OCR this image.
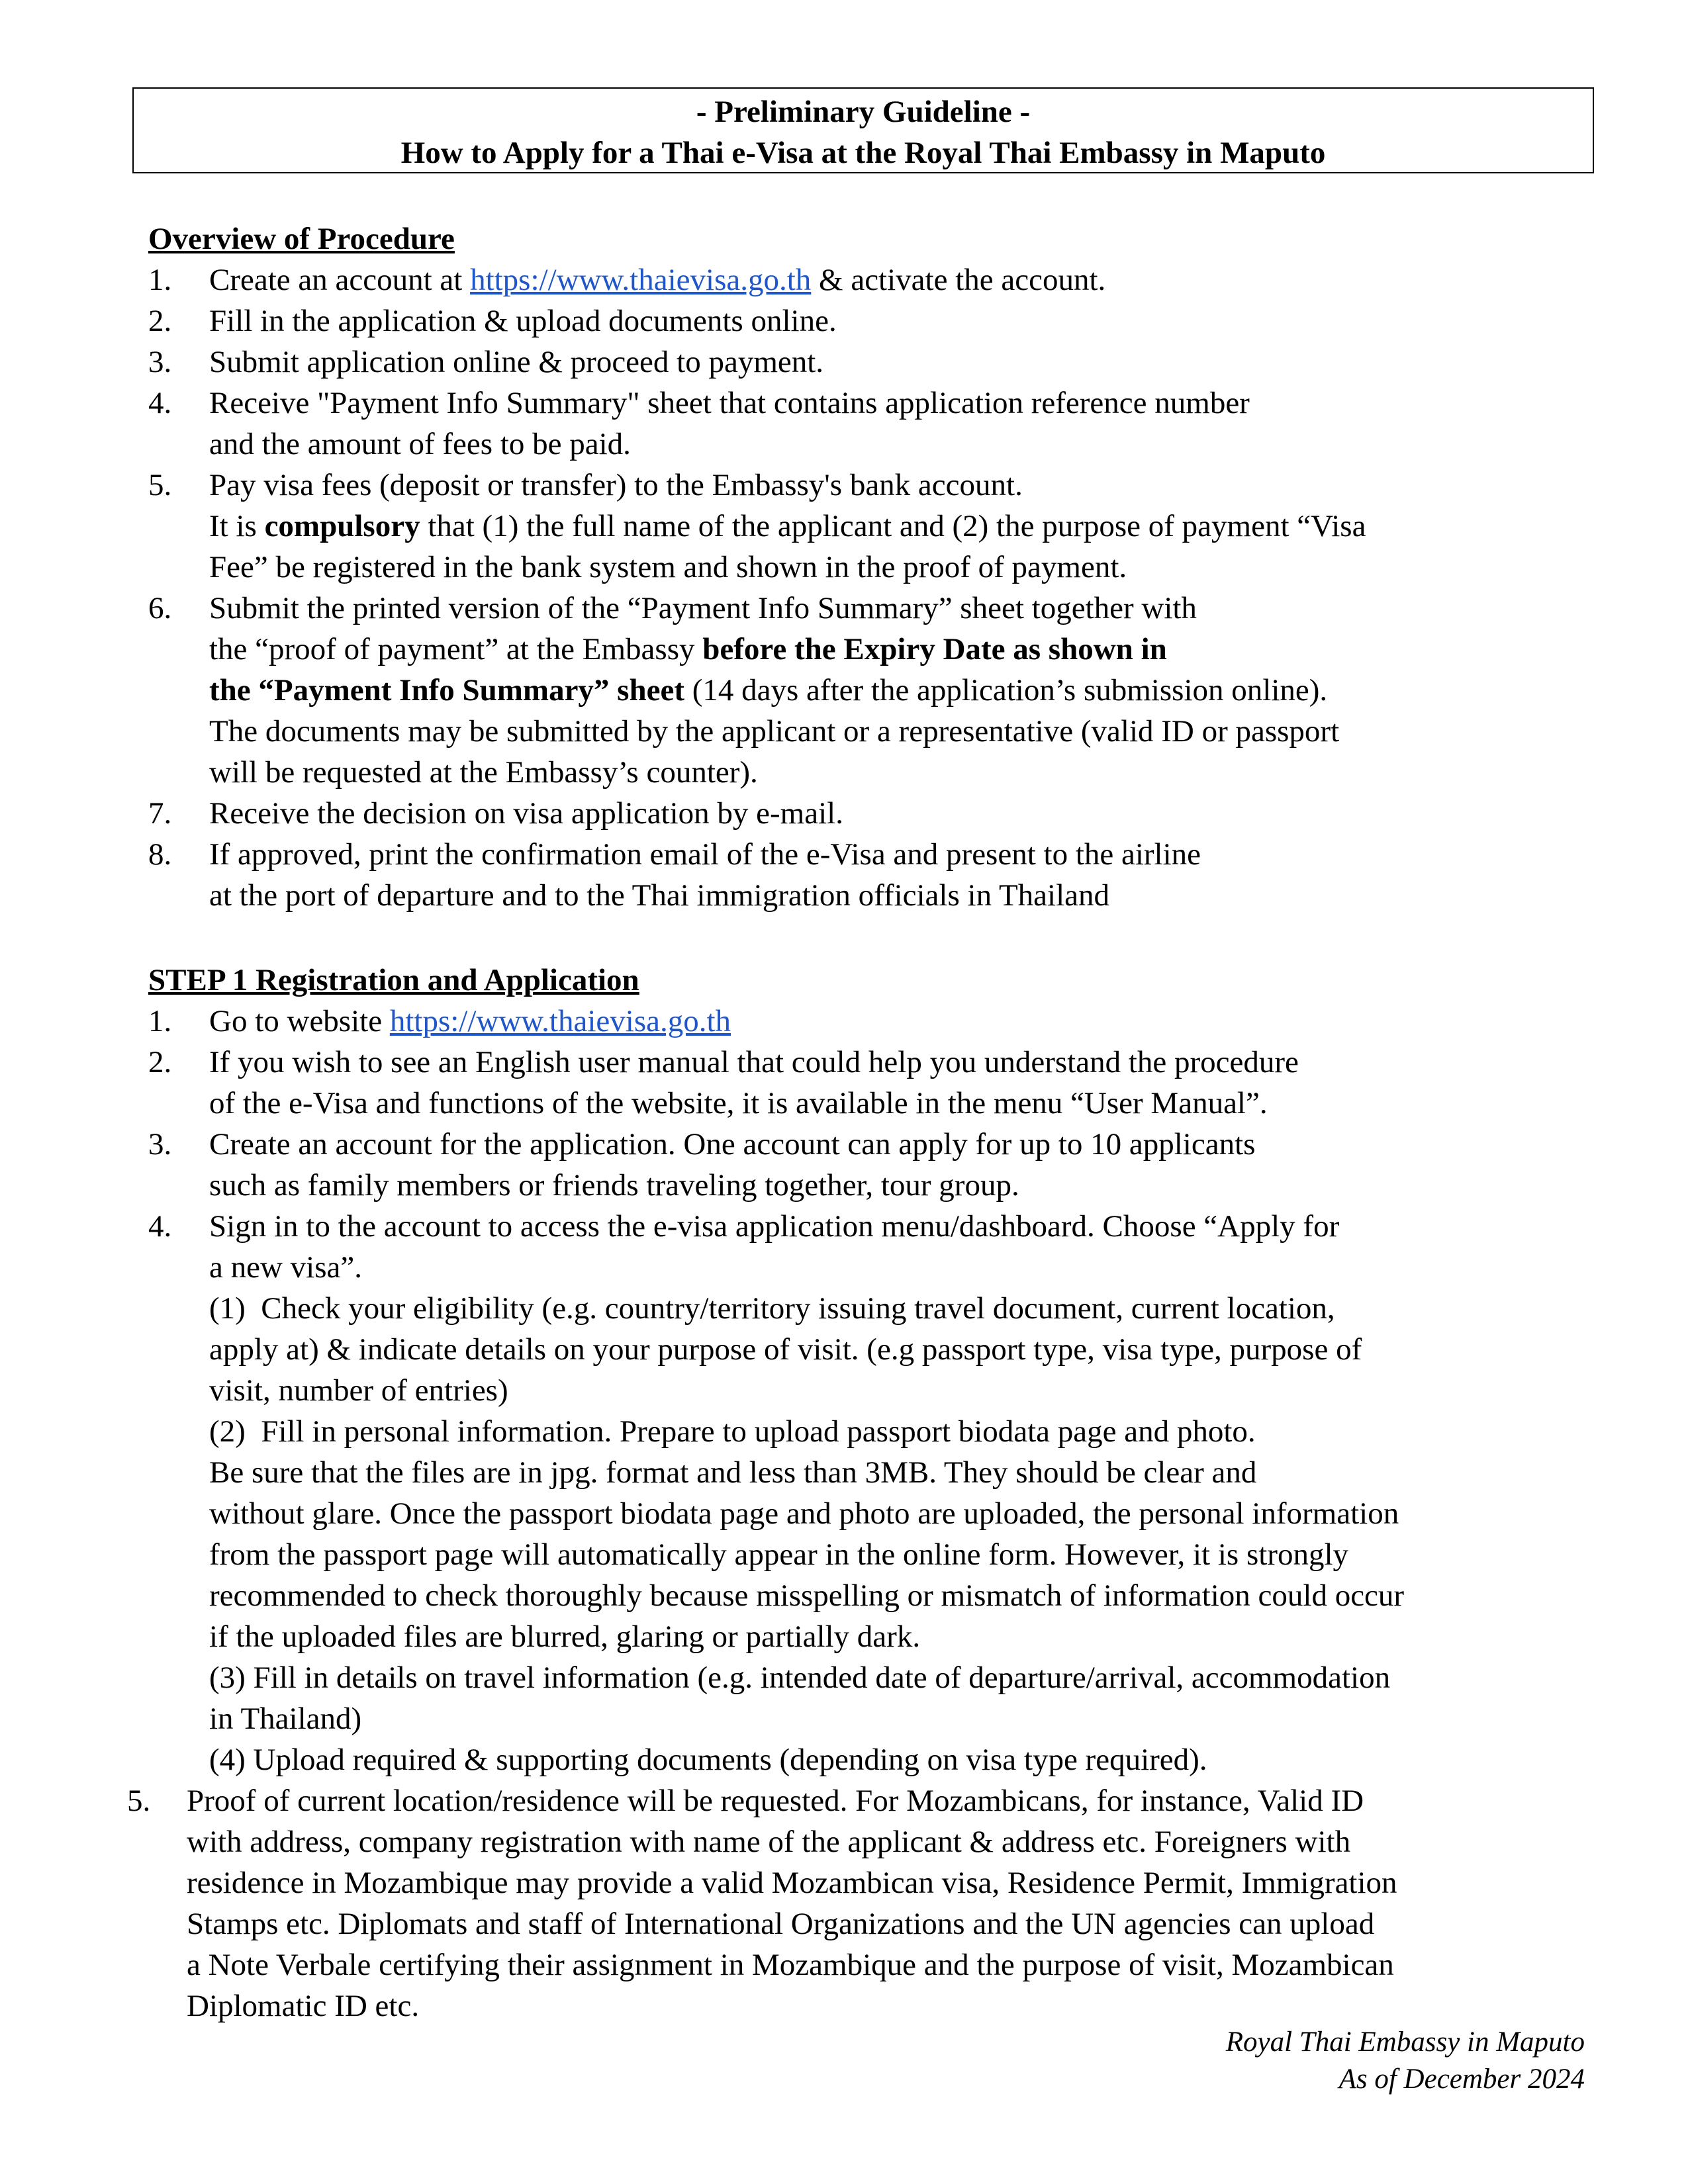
- Preliminary Guideline -
How to Apply for a Thai e-Visa at the Royal Thai Embassy in Maputo
Overview of Procedure
1. Create an account at https://www.thaievisa.go.th & activate the account.
2. Fill in the application & upload documents online.
3. Submit application online & proceed to payment.
4. Receive "Payment Info Summary" sheet that contains application reference number
and the amount of fees to be paid.
5. Pay visa fees (deposit or transfer) to the Embassy's bank account.
It is compulsory that (1) the full name of the applicant and (2) the purpose of payment “Visa
Fee” be registered in the bank system and shown in the proof of payment.
6. Submit the printed version of the “Payment Info Summary” sheet together with
the “proof of payment” at the Embassy before the Expiry Date as shown in
the “Payment Info Summary” sheet (14 days after the application’s submission online).
The documents may be submitted by the applicant or a representative (valid ID or passport
will be requested at the Embassy’s counter).
7. Receive the decision on visa application by e-mail.
8. If approved, print the confirmation email of the e-Visa and present to the airline
at the port of departure and to the Thai immigration officials in Thailand
STEP 1 Registration and Application
1. Go to website https://www.thaievisa.go.th
2. If you wish to see an English user manual that could help you understand the procedure
of the e-Visa and functions of the website, it is available in the menu “User Manual”.
3. Create an account for the application. One account can apply for up to 10 applicants
such as family members or friends traveling together, tour group.
4. Sign in to the account to access the e-visa application menu/dashboard. Choose “Apply for
a new visa”.
(1)  Check your eligibility (e.g. country/territory issuing travel document, current location,
apply at) & indicate details on your purpose of visit. (e.g passport type, visa type, purpose of
visit, number of entries)
(2)  Fill in personal information. Prepare to upload passport biodata page and photo.
Be sure that the files are in jpg. format and less than 3MB. They should be clear and
without glare. Once the passport biodata page and photo are uploaded, the personal information
from the passport page will automatically appear in the online form. However, it is strongly
recommended to check thoroughly because misspelling or mismatch of information could occur
if the uploaded files are blurred, glaring or partially dark.
(3) Fill in details on travel information (e.g. intended date of departure/arrival, accommodation
in Thailand)
(4) Upload required & supporting documents (depending on visa type required).
5. Proof of current location/residence will be requested. For Mozambicans, for instance, Valid ID
with address, company registration with name of the applicant & address etc. Foreigners with
residence in Mozambique may provide a valid Mozambican visa, Residence Permit, Immigration
Stamps etc. Diplomats and staff of International Organizations and the UN agencies can upload
a Note Verbale certifying their assignment in Mozambique and the purpose of visit, Mozambican
Diplomatic ID etc.
Royal Thai Embassy in Maputo
As of December 2024
